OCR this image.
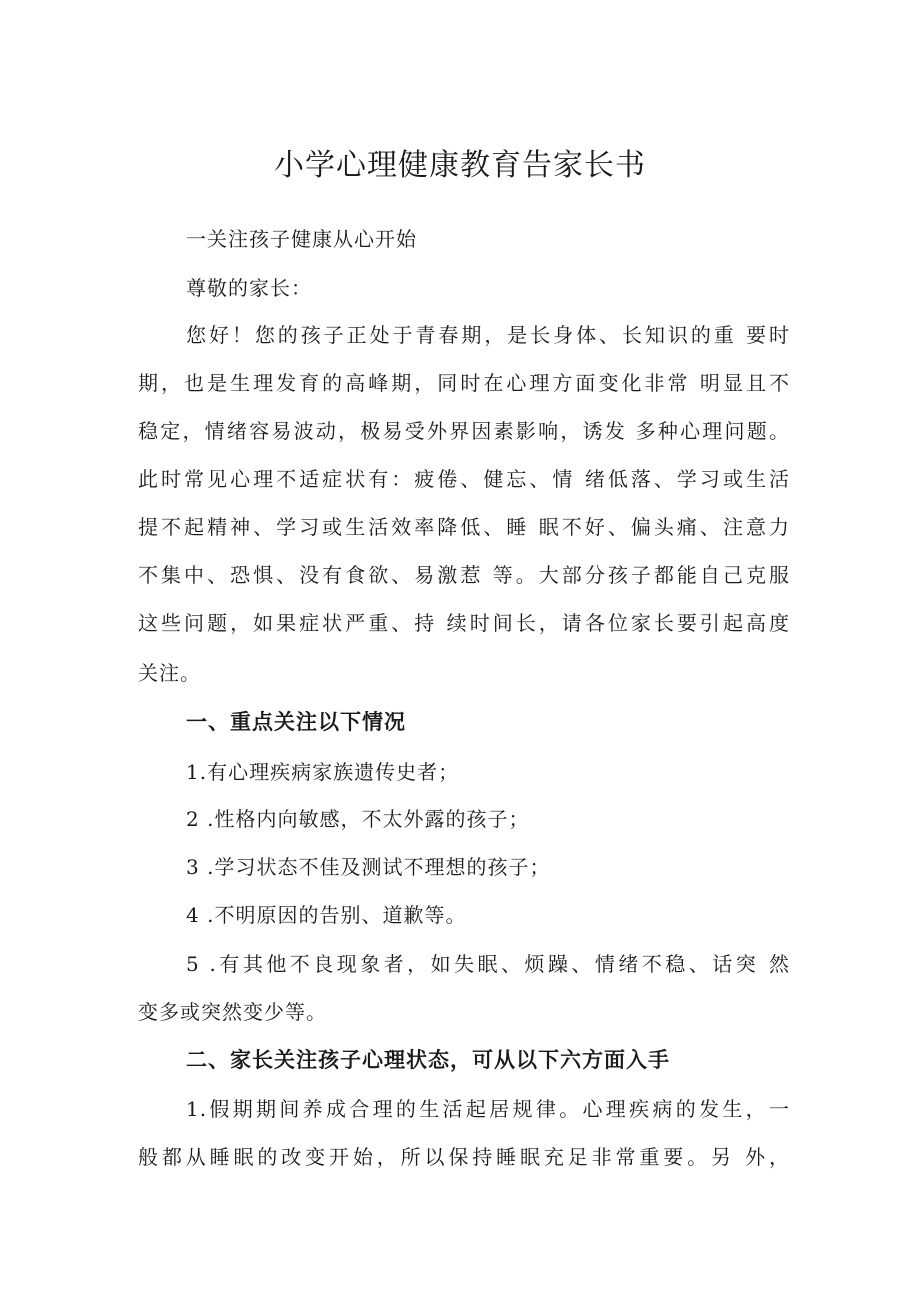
小学心理健康教育告家长书
一关注孩子健康从心开始
尊敬的家长：
您好！您的孩子正处于青春期，是长身体、长知识的重 要时
期，也是生理发育的高峰期，同时在心理方面变化非常 明显且不
稳定，情绪容易波动，极易受外界因素影响，诱发 多种心理问题。
此时常见心理不适症状有：疲倦、健忘、情 绪低落、学习或生活
提不起精神、学习或生活效率降低、睡 眠不好、偏头痛、注意力
不集中、恐惧、没有食欲、易激惹 等。大部分孩子都能自己克服
这些问题，如果症状严重、持 续时间长，请各位家长要引起高度
关注。
一、重点关注以下情况
1.有心理疾病家族遗传史者；
2 .性格内向敏感，不太外露的孩子；
3 .学习状态不佳及测试不理想的孩子；
4 .不明原因的告别、道歉等。
5 .有其他不良现象者，如失眠、烦躁、情绪不稳、话突 然
变多或突然变少等。
二、家长关注孩子心理状态，可从以下六方面入手
1.假期期间养成合理的生活起居规律。心理疾病的发生，一
般都从睡眠的改变开始，所以保持睡眠充足非常重要。另 外，
